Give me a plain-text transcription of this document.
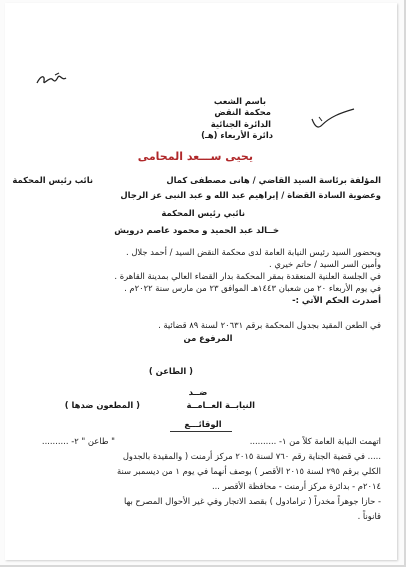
باسم الشعب
محكمة النقض
الدائرة الجنائية
دائرة الأربعاء (هـ)
يحيى ســـعد المحامى
المؤلفة برئاسة السيد القاضي / هانى مصطفى كمال
نائب رئيس المحكمة
وعضوية السادة القضاة / إبراهيم عبد الله و عبد النبى عز الرجال
نائبي رئيس المحكمة
خــالد عبد الحميد و محمود عاصم درويش
وبحضور السيد رئيس النيابة العامة لدى محكمة النقض السيد / أحمد جلال .
وأمين السر السيد / حاتم خيري .
في الجلسة العلنية المنعقدة بمقر المحكمة بدار القضاء العالي بمدينة القاهرة .
في يوم الأربعاء ٢٠ من شعبان ١٤٤٣هـ الموافق ٢٣ من مارس سنة ٢٠٢٢م .
أصدرت الحكم الآتي :-
في الطعن المقيد بجدول المحكمة برقم ٢٠٦٣١ لسنة ٨٩ قضائية .
المرفوع من
( الطاعن )
ضــد
النيابــة العــامــة
( المطعون ضدها )
الوقائـــع
اتهمت النيابة العامة كلاً من ١- ..........
" طاعن " ٢- ..........
..... في قضية الجناية رقم ٧٦٠ لسنة ٢٠١٥ مركز أرمنت ( والمقيدة بالجدول
الكلي برقم ٢٩٥ لسنة ٢٠١٥ الأقصر ) بوصف أنهما في يوم ١ من ديسمبر سنة
٢٠١٤م - بدائرة مركز أرمنت - محافظة الأقصر ...
- حازا جوهراً مخدراً ( ترامادول ) بقصد الاتجار وفي غير الأحوال المصرح بها
قانوناً .
